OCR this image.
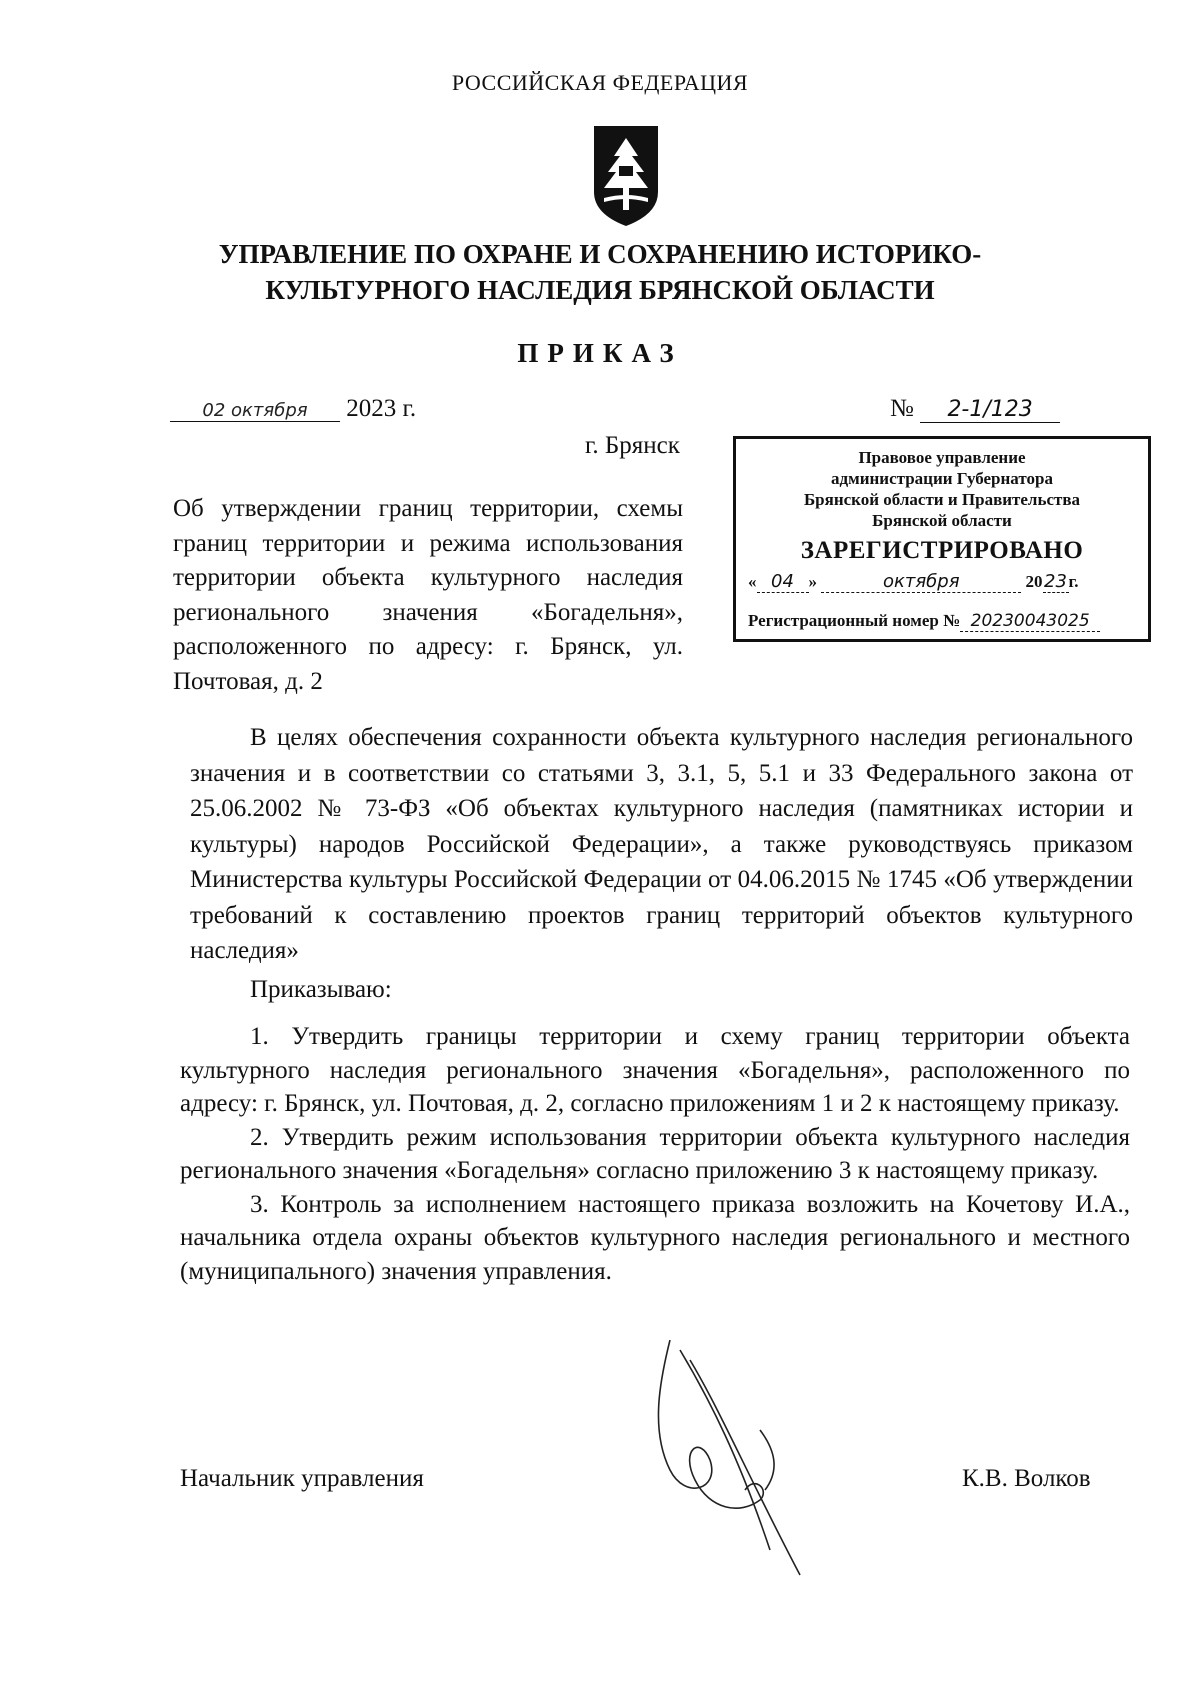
РОССИЙСКАЯ ФЕДЕРАЦИЯ
УПРАВЛЕНИЕ ПО ОХРАНЕ И СОХРАНЕНИЮ ИСТОРИКО-
КУЛЬТУРНОГО НАСЛЕДИЯ БРЯНСКОЙ ОБЛАСТИ
ПРИКАЗ
02 октября 2023 г.	№ 2-1/123
г. Брянск
Об утверждении границ территории, схемы границ территории и режима использования территории объекта культурного наследия регионального значения «Богадельня», расположенного по адресу: г. Брянск, ул. Почтовая, д. 2
Правовое управление
администрации Губернатора
Брянской области и Правительства
Брянской области
ЗАРЕГИСТРИРОВАНО
« 04 »	октября	2023г.
Регистрационный номер № 20230043025

В целях обеспечения сохранности объекта культурного наследия регионального значения и в соответствии со статьями 3, 3.1, 5, 5.1 и 33 Федерального закона от 25.06.2002 № 73-ФЗ «Об объектах культурного наследия (памятниках истории и культуры) народов Российской Федерации», а также руководствуясь приказом Министерства культуры Российской Федерации от 04.06.2015 № 1745 «Об утверждении требований к составлению проектов границ территорий объектов культурного наследия»

Приказываю:

1. Утвердить границы территории и схему границ территории объекта культурного наследия регионального значения «Богадельня», расположенного по адресу: г. Брянск, ул. Почтовая, д. 2, согласно приложениям 1 и 2 к настоящему приказу.

2. Утвердить режим использования территории объекта культурного наследия регионального значения «Богадельня» согласно приложению 3 к настоящему приказу.

3. Контроль за исполнением настоящего приказа возложить на Кочетову И.А., начальника отдела охраны объектов культурного наследия регионального и местного (муниципального) значения управления.

Начальник управления	К.В. Волков
